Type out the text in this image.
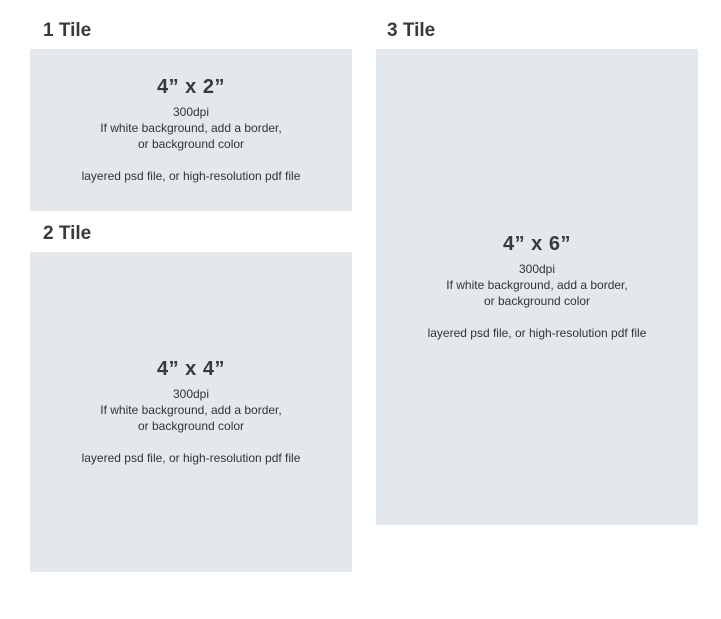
1 Tile

4” x 2”

300dpi

If white background, add a border,

or background color

layered psd file, or high-resolution pdf file

2 Tile

4” x 4”

300dpi

If white background, add a border,

or background color

layered psd file, or high-resolution pdf file

3 Tile

4” x 6”

300dpi

If white background, add a border,

or background color

layered psd file, or high-resolution pdf file
